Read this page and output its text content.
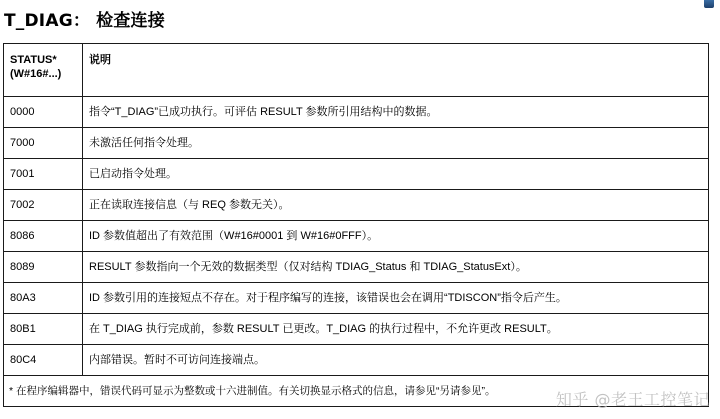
T_DIAG： 检查连接
STATUS*
(W#16#...)	说明
0000	指令“T_DIAG”已成功执行。可评估 RESULT 参数所引用结构中的数据。
7000	未激活任何指令处理。
7001	已启动指令处理。
7002	正在读取连接信息（与 REQ 参数无关）。
8086	ID 参数值超出了有效范围（W#16#0001 到 W#16#0FFF）。
8089	RESULT 参数指向一个无效的数据类型（仅对结构 TDIAG_Status 和 TDIAG_StatusExt）。
80A3	ID 参数引用的连接短点不存在。对于程序编写的连接，该错误也会在调用“TDISCON”指令后产生。
80B1	在 T_DIAG 执行完成前，参数 RESULT 已更改。T_DIAG 的执行过程中，不允许更改 RESULT。
80C4	内部错误。暂时不可访问连接端点。
* 在程序编辑器中，错误代码可显示为整数或十六进制值。有关切换显示格式的信息，请参见“另请参见”。		知乎 @老王工控笔记
